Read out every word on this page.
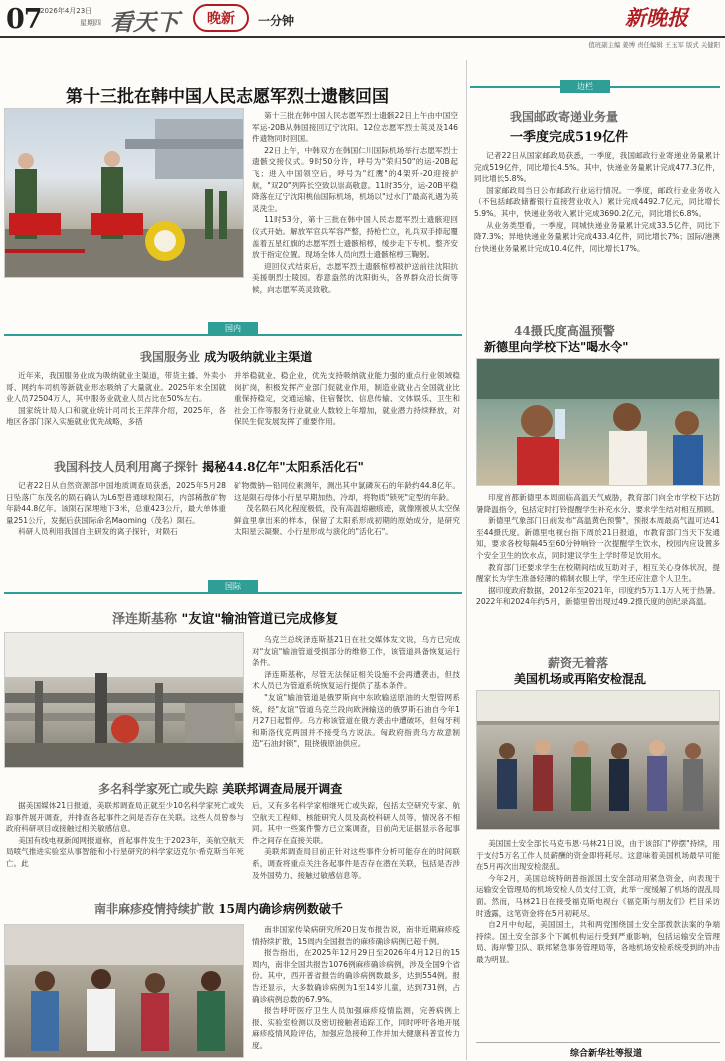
07
2026年4月23日
星期四 看天下 晚新 一分钟	新晚报
值班副主编 姜博 责任编辑 王玉军 版式 关健阳
第十三批在韩中国人民志愿军烈士遗骸回国

第十三批在韩中国人民志愿军烈士遗骸22日上午由中国空军运-20B从韩国接回辽宁沈阳。12位志愿军烈士英灵及146件遗物同时回国。

22日上午，中韩双方在韩国仁川国际机场举行志愿军烈士遗骸交接仪式。9时50分许，呼号为"荣归50"的运-20B起飞；进入中国领空后，呼号为"红鹰"的4架歼-20迎接护航，"双20"列阵长空致以崇高敬意。11时35分，运-20B平稳降落在辽宁沈阳桃仙国际机场，机场以"过水门"最高礼遇为英灵洗尘。

11时53分，第十三批在韩中国人民志愿军烈士遗骸迎回仪式开始。解放军官兵军容严整，持枪伫立，礼兵双手捧起覆盖着五星红旗的志愿军烈士遗骸棺椁，缓步走下专机。整齐安放于指定位置。现场全体人员向烈士遗骸棺椁三鞠躬。

迎回仪式结束后，志愿军烈士遗骸棺椁被护送前往沈阳抗美援朝烈士陵园。春意盎然的沈阳街头，各界群众沿长街等候，向志愿军英灵致敬。

边栏
我国邮政寄递业务量
一季度完成519亿件

记者22日从国家邮政局获悉，一季度，我国邮政行业寄递业务量累计完成519亿件，同比增长4.5%。其中，快递业务量累计完成477.3亿件，同比增长5.8%。

国家邮政局当日公布邮政行业运行情况。一季度，邮政行业业务收入（不包括邮政储蓄银行直接营业收入）累计完成4492.7亿元，同比增长5.9%。其中，快递业务收入累计完成3690.2亿元，同比增长6.8%。

从业务类型看，一季度，同城快递业务量累计完成33.5亿件，同比下降7.3%；异地快递业务量累计完成433.4亿件，同比增长7%；国际/港澳台快递业务量累计完成10.4亿件，同比增长17%。

44摄氏度高温预警
新德里向学校下达"喝水令"

印度首都新德里本周面临高温天气威胁，教育部门向全市学校下达防暑降温指令，包括定时打铃提醒学生补充水分、要求学生结对相互照顾。

新德里气象部门日前发布"高温黄色预警"，预报本周最高气温可达41至44摄氏度。新德里电视台指下周於21日报道，市教育部门当天下发通知，要求各校每隔45至60分钟响铃一次提醒学生饮水，校园内应设置多个安全卫生的饮水点，同时建议学生上学时带足饮用水。

教育部门还要求学生在校期间结成互助对子，相互关心身体状况，提醒家长为学生准备轻薄的棉制衣服上学，学生还应注意个人卫生。

据印度政府数据，2012年至2021年，印度约5万1.1万人死于热暑。2022年和2024年约5月，新德里曾出现过49.2摄氏度的创纪录高温。

薪资无着落
美国机场或再陷安检混乱

美国国土安全部长马克韦恩·马林21日说，由于该部门"停摆"持续，用于支付5万名工作人员薪酬的资金即将耗尽。这意味着美国机场最早可能在5月再次出现安检混乱。

今年2月，美国总统特朗普指派国土安全部动用紧急资金，向表现于运输安全管理局的机场安检人员支付工资，此举一度缓解了机场的混乱局面。然而，马林21日在接受福克斯电视台《福克斯与朋友们》栏目采访时透露，这笔资金将在5月初耗尽。

自2月中旬起，美国国土，共和两党围绕国土安全部拨款法案的争端持续。国土安全部多个下属机构运行受到严重影响，包括运输安全管理局、海岸警卫队、联邦紧急事务管理局等，各地机场安检系统受到的冲击最为明显。

综合新华社等报道
国内
我国服务业 成为吸纳就业主渠道

近年来，我国服务业成为吸纳就业主渠道，带货主播、外卖小哥、网约车司机等新就业形态吸纳了大量就业。2025年末全国就业人员72504万人，其中服务业就业人员占比在50%左右。

国家统计局人口和就业统计司司长王萍萍介绍，2025年，各地区各部门深入实施就业优先战略，多措

并举稳就业、稳企业，优先支持吸纳就业能力强的重点行业领域稳岗扩岗，积极发挥产业部门促就业作用，制造业就业占全国就业比重保持稳定，交通运输、住宿餐饮、信息传输、文体娱乐、卫生和社会工作等服务行业就业人数较上年增加，就业潜力持续释放，对保民生促发展发挥了重要作用。

我国科技人员利用离子探针 揭秘44.8亿年"太阳系活化石"

记者22日从自然资源部中国地质调查局获悉，2025年5月28日坠落广东茂名的陨石确认为L6型普通球粒陨石，内部稀散矿物年龄44.8亿年。该陨石深埋地下3米，总重423公斤，最大单体重量251公斤，发掘后获国际命名Maoming（茂名）陨石。

科研人员利用我国自主研发的离子探针，对陨石

矿物微钠—铅同位素测年，测出其中氯磷灰石的年龄约44.8亿年。这是陨石母体小行星早期加热、冷却，将物质"锁死"定型的年龄。

茂名陨石风化程度极低，没有高温熔融痕迹，就像刚被从太空保鲜盒里拿出来的样本，保留了太阳系形成初期的原始成分，是研究太阳星云凝聚、小行星形成与演化的"活化石"。

国际
泽连斯基称 "友谊"输油管道已完成修复

乌克兰总统泽连斯基21日在社交媒体发文说，乌方已完成对"友谊"输油管道受损部分的维修工作，该管道具备恢复运行条件。

泽连斯基称，尽管无法保证相关设施不会再遭袭击，但技术人员已为管道系统恢复运行提供了基本条件。

"友谊"输油管道是俄罗斯向中东欧输送原油的大型管网系统，经"友谊"管道乌克兰段向欧洲输送的俄罗斯石油自今年1月27日起暂停。乌方称该管道在俄方袭击中遭破坏，但匈牙利和斯洛伐克两国并不接受乌方说法。匈政府指责乌方故意制造"石油封锁"，阻挠俄原油供应。

多名科学家死亡或失踪 美联邦调查局展开调查

据美国媒体21日报道，美联邦调查局正就至少10名科学家死亡或失踪事件展开调查，并排查各起事件之间是否存在关联。这些人员曾参与政府科研项目或接触过相关敏感信息。

美国有线电视新闻网报道称，首起事件发生于2023年，美航空航天局喷气推进实验室从事智能和小行星研究的科学家迈克尔·希克斯当年死亡。此

后，又有多名科学家相继死亡或失踪，包括太空研究专家、航空航天工程师、核能研究人员及高校科研人员等，情况各不相同。其中一些案件警方已立案调查，目前尚无证据显示各起事件之间存在直接关联。

美联邦调查局目前正针对这些事件分析可能存在的时间联系，调查将重点关注各起事件是否存在潜在关联，包括是否涉及外国势力、接触过敏感信息等。

南非麻疹疫情持续扩散 15周内确诊病例数破千

南非国家传染病研究所20日发布报告说，南非近期麻疹疫情持续扩散，15周内全国报告的麻疹确诊病例已超千例。

报告指出，在2025年12月29日至2026年4月12日的15周内，南非全国共报告1076例麻疹确诊病例，涉及全国9个省份。其中，西开普省报告的确诊病例数最多，达到554例。报告还显示，大多数确诊病例为1至14岁儿童，达到731例，占确诊病例总数的67.9%。

报告呼吁医疗卫生人员加强麻疹疫情监测，完善病例上报、实验室检测以及密切接触者追踪工作，同时呼吁各地开展麻疹疫情风险评估，加强应急接种工作并加大健康科普宣传力度。
